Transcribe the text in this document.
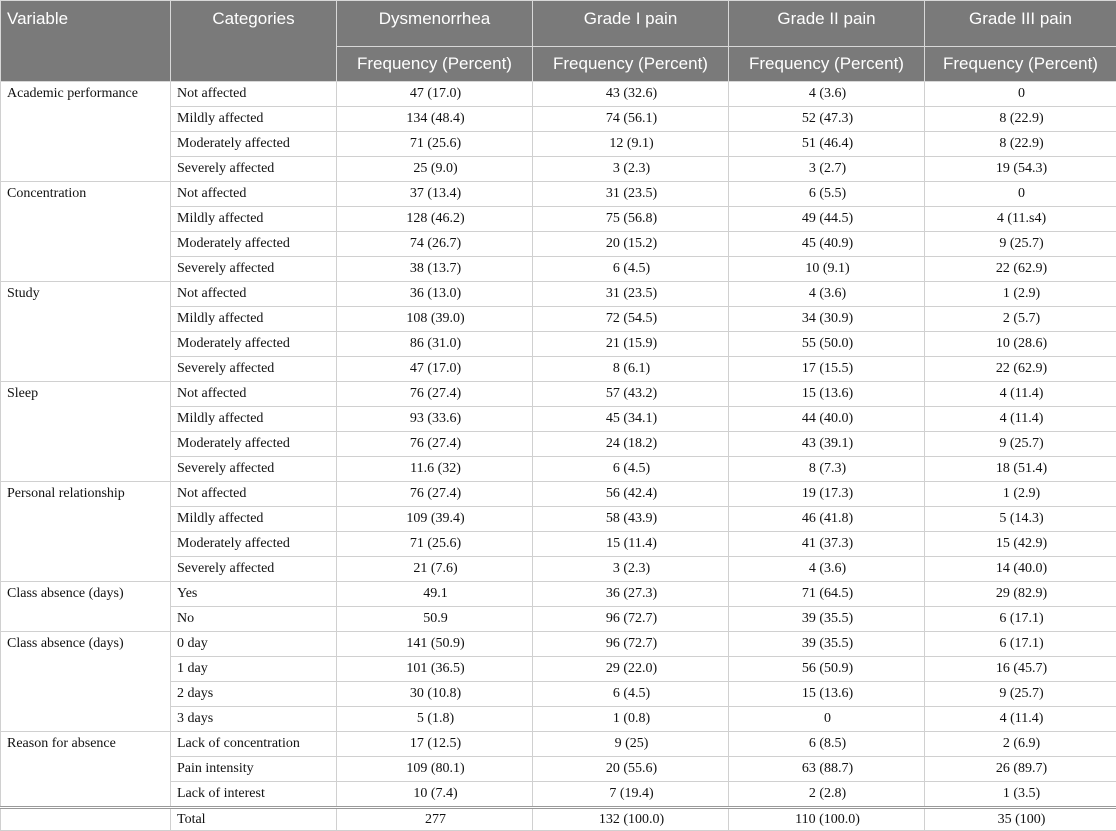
Variable	Categories	Dysmenorrhea	Grade I pain	Grade II pain	Grade III pain
		Frequency (Percent)	Frequency (Percent)	Frequency (Percent)	Frequency (Percent)
Academic performance	Not affected	47 (17.0)	43 (32.6)	4 (3.6)	0
	Mildly affected	134 (48.4)	74 (56.1)	52 (47.3)	8 (22.9)
	Moderately affected	71 (25.6)	12 (9.1)	51 (46.4)	8 (22.9)
	Severely affected	25 (9.0)	3 (2.3)	3 (2.7)	19 (54.3)
Concentration	Not affected	37 (13.4)	31 (23.5)	6 (5.5)	0
	Mildly affected	128 (46.2)	75 (56.8)	49 (44.5)	4 (11.s4)
	Moderately affected	74 (26.7)	20 (15.2)	45 (40.9)	9 (25.7)
	Severely affected	38 (13.7)	6 (4.5)	10 (9.1)	22 (62.9)
Study	Not affected	36 (13.0)	31 (23.5)	4 (3.6)	1 (2.9)
	Mildly affected	108 (39.0)	72 (54.5)	34 (30.9)	2 (5.7)
	Moderately affected	86 (31.0)	21 (15.9)	55 (50.0)	10 (28.6)
	Severely affected	47 (17.0)	8 (6.1)	17 (15.5)	22 (62.9)
Sleep	Not affected	76 (27.4)	57 (43.2)	15 (13.6)	4 (11.4)
	Mildly affected	93 (33.6)	45 (34.1)	44 (40.0)	4 (11.4)
	Moderately affected	76 (27.4)	24 (18.2)	43 (39.1)	9 (25.7)
	Severely affected	11.6 (32)	6 (4.5)	8 (7.3)	18 (51.4)
Personal relationship	Not affected	76 (27.4)	56 (42.4)	19 (17.3)	1 (2.9)
	Mildly affected	109 (39.4)	58 (43.9)	46 (41.8)	5 (14.3)
	Moderately affected	71 (25.6)	15 (11.4)	41 (37.3)	15 (42.9)
	Severely affected	21 (7.6)	3 (2.3)	4 (3.6)	14 (40.0)
Class absence (days)	Yes	49.1	36 (27.3)	71 (64.5)	29 (82.9)
	No	50.9	96 (72.7)	39 (35.5)	6 (17.1)
Class absence (days)	0 day	141 (50.9)	96 (72.7)	39 (35.5)	6 (17.1)
	1 day	101 (36.5)	29 (22.0)	56 (50.9)	16 (45.7)
	2 days	30 (10.8)	6 (4.5)	15 (13.6)	9 (25.7)
	3 days	5 (1.8)	1 (0.8)	0	4 (11.4)
Reason for absence	Lack of concentration	17 (12.5)	9 (25)	6 (8.5)	2 (6.9)
	Pain intensity	109 (80.1)	20 (55.6)	63 (88.7)	26 (89.7)
	Lack of interest	10 (7.4)	7 (19.4)	2 (2.8)	1 (3.5)
	Total	277	132 (100.0)	110 (100.0)	35 (100)
